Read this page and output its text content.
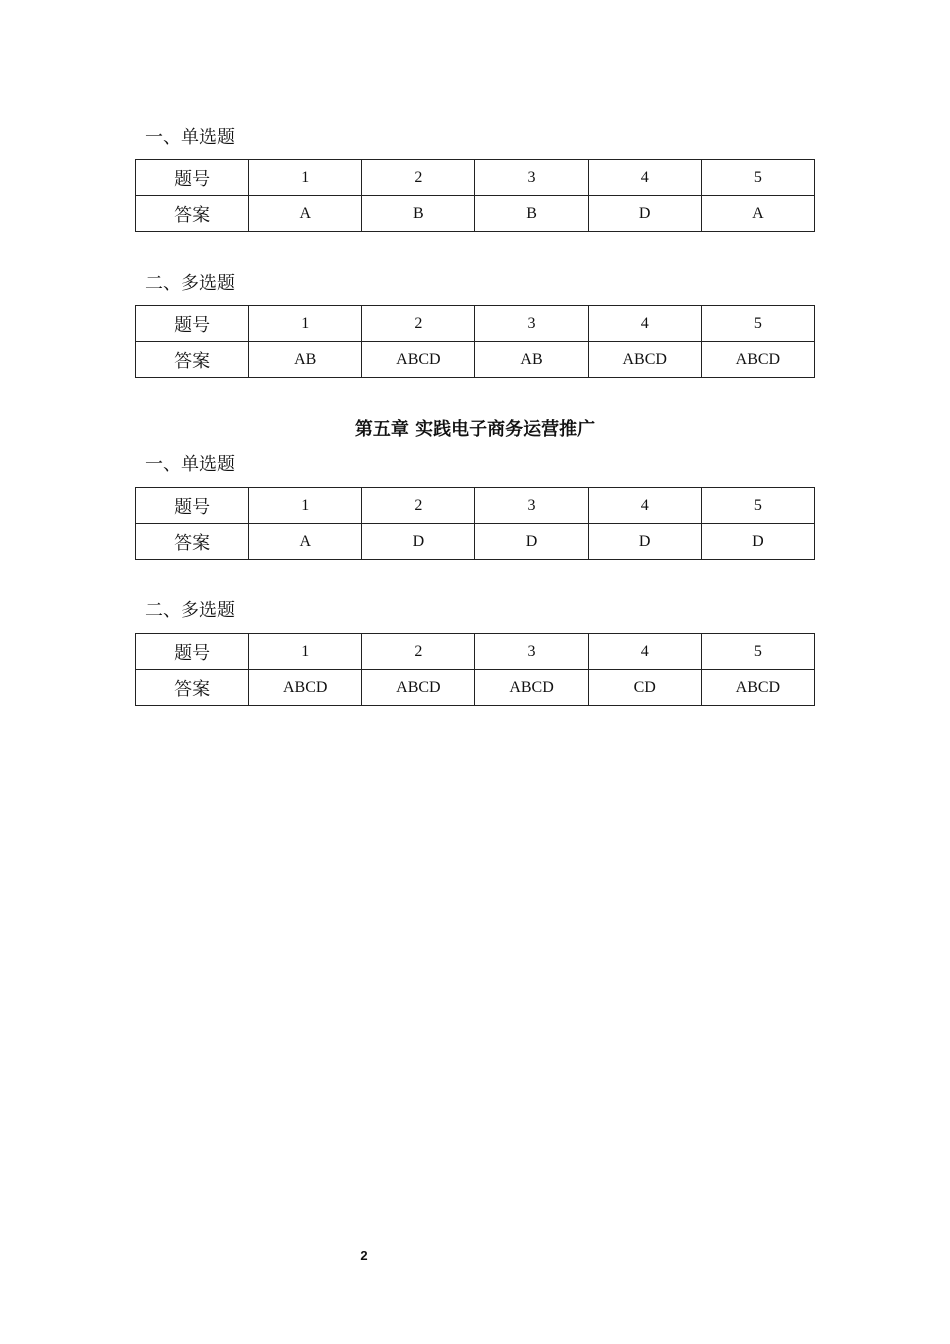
一、单选题
题号	1	2	3	4	5
答案	A	B	B	D	A
二、多选题
题号	1	2	3	4	5
答案	AB	ABCD	AB	ABCD	ABCD
第五章 实践电子商务运营推广
一、单选题
题号	1	2	3	4	5
答案	A	D	D	D	D
二、多选题
题号	1	2	3	4	5
答案	ABCD	ABCD	ABCD	CD	ABCD
2
